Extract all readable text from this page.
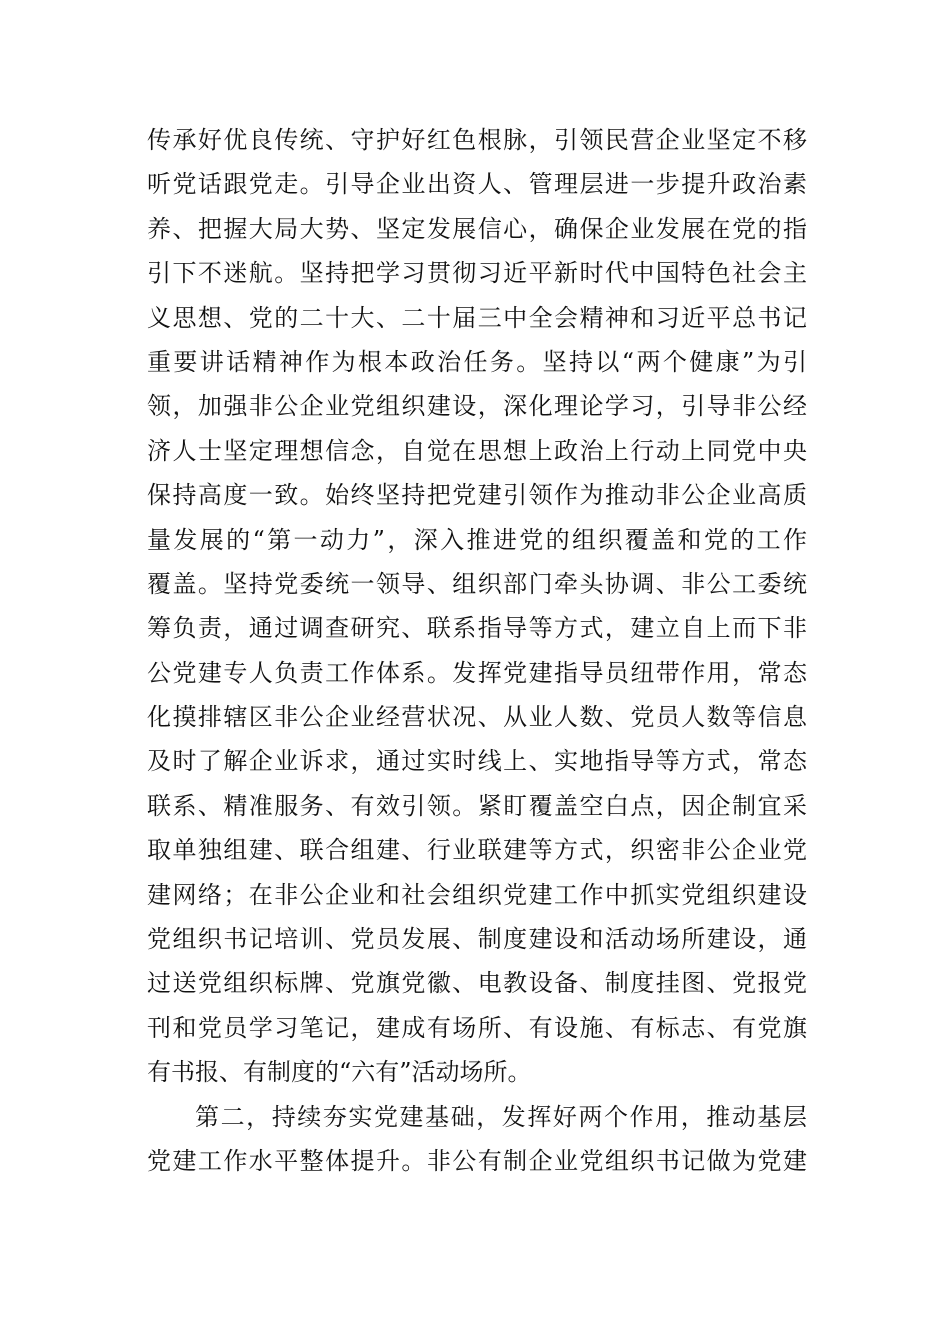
传承好优良传统、守护好红色根脉，引领民营企业坚定不移
听党话跟党走。引导企业出资人、管理层进一步提升政治素
养、把握大局大势、坚定发展信心，确保企业发展在党的指
引下不迷航。坚持把学习贯彻习近平新时代中国特色社会主
义思想、党的二十大、二十届三中全会精神和习近平总书记
重要讲话精神作为根本政治任务。坚持以“两个健康”为引
领，加强非公企业党组织建设，深化理论学习，引导非公经
济人士坚定理想信念，自觉在思想上政治上行动上同党中央
保持高度一致。始终坚持把党建引领作为推动非公企业高质
量发展的“第一动力”，深入推进党的组织覆盖和党的工作
覆盖。坚持党委统一领导、组织部门牵头协调、非公工委统
筹负责，通过调查研究、联系指导等方式，建立自上而下非
公党建专人负责工作体系。发挥党建指导员纽带作用，常态
化摸排辖区非公企业经营状况、从业人数、党员人数等信息
及时了解企业诉求，通过实时线上、实地指导等方式，常态
联系、精准服务、有效引领。紧盯覆盖空白点，因企制宜采
取单独组建、联合组建、行业联建等方式，织密非公企业党
建网络；在非公企业和社会组织党建工作中抓实党组织建设
党组织书记培训、党员发展、制度建设和活动场所建设，通
过送党组织标牌、党旗党徽、电教设备、制度挂图、党报党
刊和党员学习笔记，建成有场所、有设施、有标志、有党旗
有书报、有制度的“六有”活动场所。
第二，持续夯实党建基础，发挥好两个作用，推动基层
党建工作水平整体提升。非公有制企业党组织书记做为党建
